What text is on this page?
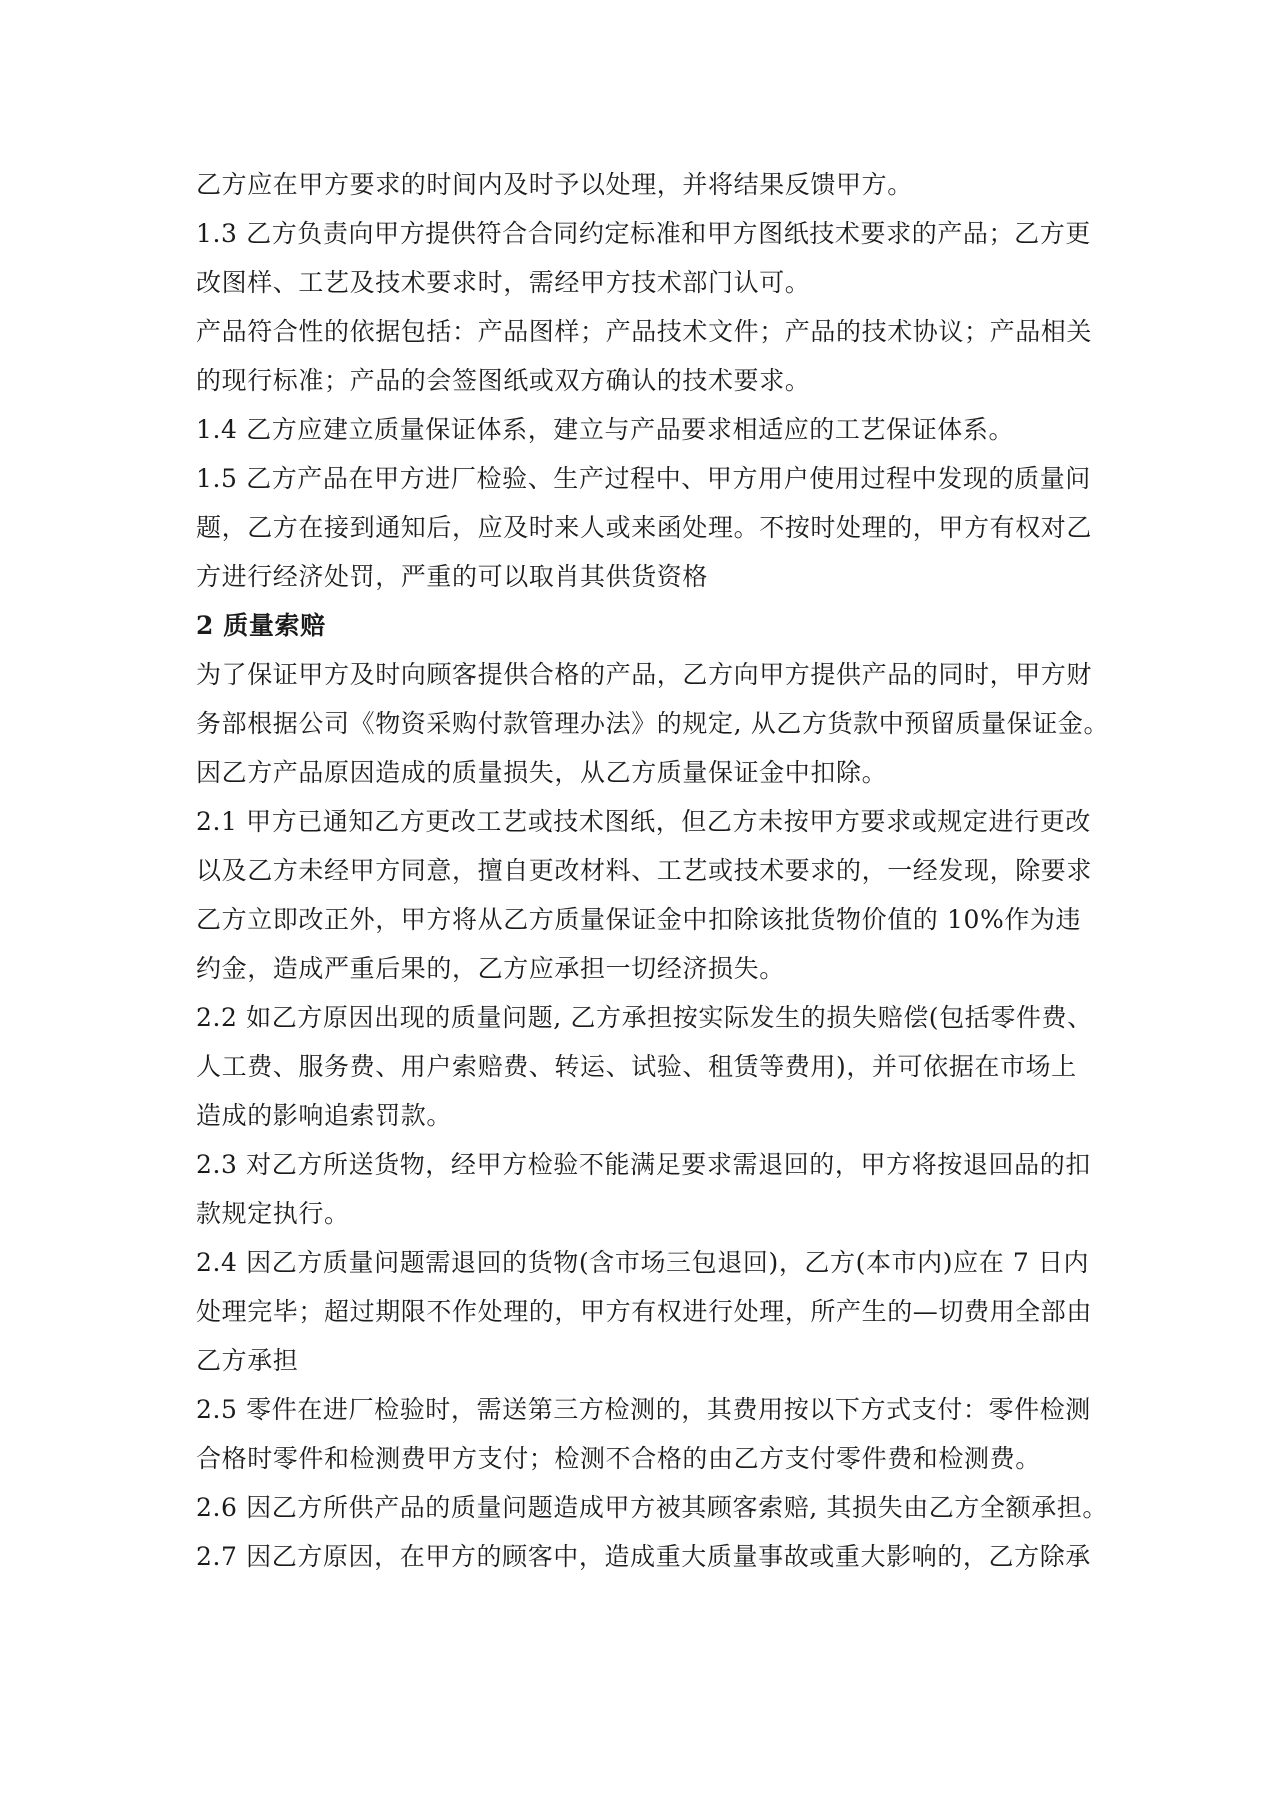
乙方应在甲方要求的时间内及时予以处理，并将结果反馈甲方。
1.3 乙方负责向甲方提供符合合同约定标准和甲方图纸技术要求的产品；乙方更
改图样、工艺及技术要求时，需经甲方技术部门认可。
产品符合性的依据包括：产品图样；产品技术文件；产品的技术协议；产品相关
的现行标准；产品的会签图纸或双方确认的技术要求。
1.4 乙方应建立质量保证体系，建立与产品要求相适应的工艺保证体系。
1.5 乙方产品在甲方进厂检验、生产过程中、甲方用户使用过程中发现的质量问
题，乙方在接到通知后，应及时来人或来函处理。不按时处理的，甲方有权对乙
方进行经济处罚，严重的可以取肖其供货资格
2 质量索赔
为了保证甲方及时向顾客提供合格的产品，乙方向甲方提供产品的同时，甲方财
务部根据公司《物资采购付款管理办法》的规定, 从乙方货款中预留质量保证金。
因乙方产品原因造成的质量损失，从乙方质量保证金中扣除。
2.1 甲方已通知乙方更改工艺或技术图纸，但乙方未按甲方要求或规定进行更改
以及乙方未经甲方同意，擅自更改材料、工艺或技术要求的，一经发现，除要求
乙方立即改正外，甲方将从乙方质量保证金中扣除该批货物价值的 10%作为违
约金，造成严重后果的，乙方应承担一切经济损失。
2.2 如乙方原因出现的质量问题, 乙方承担按实际发生的损失赔偿(包括零件费、
人工费、服务费、用户索赔费、转运、试验、租赁等费用)，并可依据在市场上
造成的影响追索罚款。
2.3 对乙方所送货物，经甲方检验不能满足要求需退回的，甲方将按退回品的扣
款规定执行。
2.4 因乙方质量问题需退回的货物(含市场三包退回)，乙方(本市内)应在 7 日内
处理完毕；超过期限不作处理的，甲方有权进行处理，所产生的—切费用全部由
乙方承担
2.5 零件在进厂检验时，需送第三方检测的，其费用按以下方式支付：零件检测
合格时零件和检测费甲方支付；检测不合格的由乙方支付零件费和检测费。
2.6 因乙方所供产品的质量问题造成甲方被其顾客索赔, 其损失由乙方全额承担。
2.7 因乙方原因，在甲方的顾客中，造成重大质量事故或重大影响的，乙方除承
